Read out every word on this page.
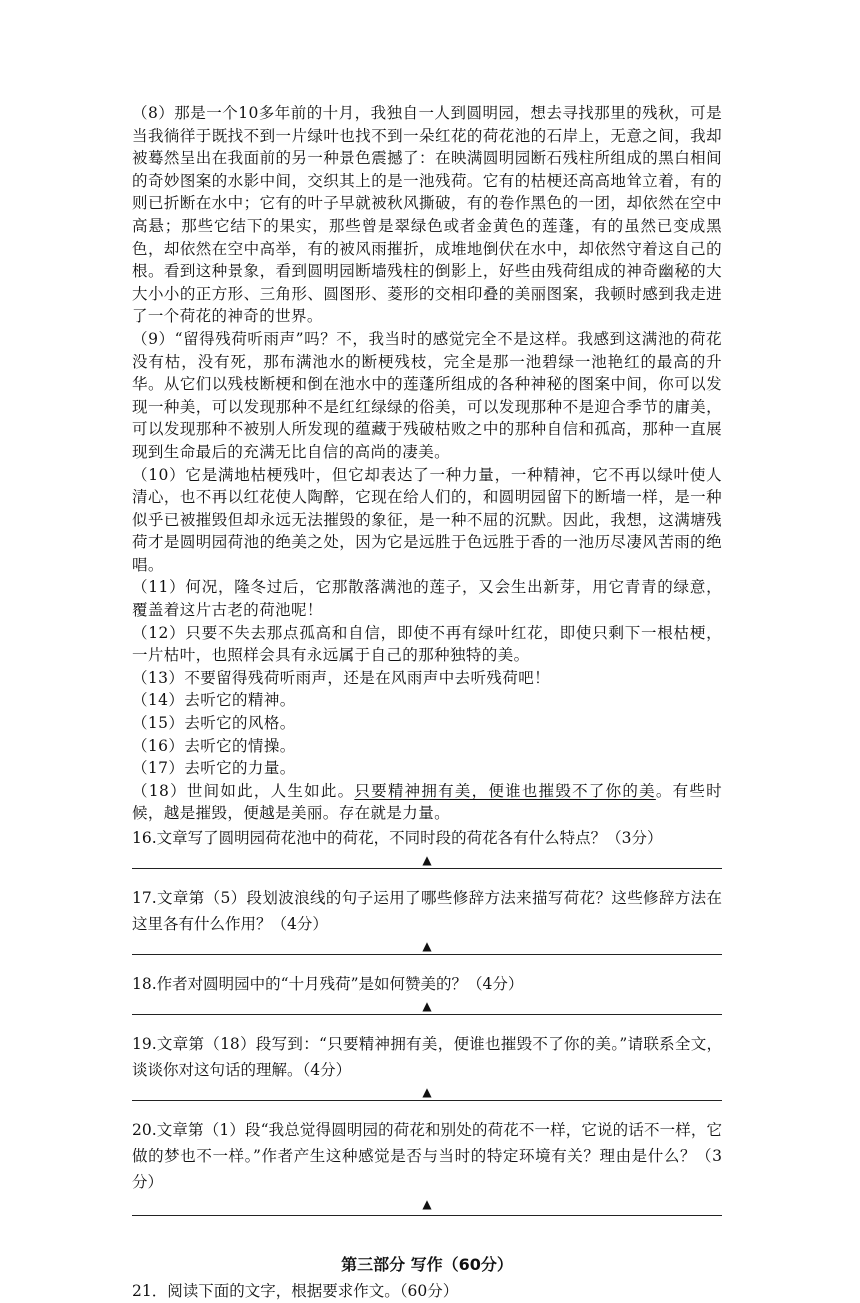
（8）那是一个10多年前的十月，我独自一人到圆明园，想去寻找那里的残秋，可是当我徜徉于既找不到一片绿叶也找不到一朵红花的荷花池的石岸上，无意之间，我却被蓦然呈出在我面前的另一种景色震撼了：在映满圆明园断石残柱所组成的黑白相间的奇妙图案的水影中间，交织其上的是一池残荷。它有的枯梗还高高地耸立着，有的则已折断在水中；它有的叶子早就被秋风撕破，有的卷作黑色的一团，却依然在空中高悬；那些它结下的果实，那些曾是翠绿色或者金黄色的莲蓬，有的虽然已变成黑色，却依然在空中高举，有的被风雨摧折，成堆地倒伏在水中，却依然守着这自己的根。看到这种景象，看到圆明园断墙残柱的倒影上，好些由残荷组成的神奇幽秘的大大小小的正方形、三角形、圆图形、菱形的交相印叠的美丽图案，我顿时感到我走进了一个荷花的神奇的世界。

（9）“留得残荷听雨声”吗？不，我当时的感觉完全不是这样。我感到这满池的荷花没有枯，没有死，那布满池水的断梗残枝，完全是那一池碧绿一池艳红的最高的升华。从它们以残枝断梗和倒在池水中的莲蓬所组成的各种神秘的图案中间，你可以发现一种美，可以发现那种不是红红绿绿的俗美，可以发现那种不是迎合季节的庸美，可以发现那种不被别人所发现的蕴藏于残破枯败之中的那种自信和孤高，那种一直展现到生命最后的充满无比自信的高尚的凄美。

（10）它是满地枯梗残叶，但它却表达了一种力量，一种精神，它不再以绿叶使人清心，也不再以红花使人陶醉，它现在给人们的，和圆明园留下的断墙一样，是一种似乎已被摧毁但却永远无法摧毁的象征，是一种不屈的沉默。因此，我想，这满塘残荷才是圆明园荷池的绝美之处，因为它是远胜于色远胜于香的一池历尽凄风苦雨的绝唱。

（11）何况，隆冬过后，它那散落满池的莲子，又会生出新芽，用它青青的绿意，覆盖着这片古老的荷池呢！

（12）只要不失去那点孤高和自信，即使不再有绿叶红花，即使只剩下一根枯梗，一片枯叶，也照样会具有永远属于自己的那种独特的美。

（13）不要留得残荷听雨声，还是在风雨声中去听残荷吧！

（14）去听它的精神。

（15）去听它的风格。

（16）去听它的情操。

（17）去听它的力量。

（18）世间如此，人生如此。只要精神拥有美，便谁也摧毁不了你的美。有些时候，越是摧毁，便越是美丽。存在就是力量。

16.文章写了圆明园荷花池中的荷花，不同时段的荷花各有什么特点？（3分）

▲

17.文章第（5）段划波浪线的句子运用了哪些修辞方法来描写荷花？这些修辞方法在这里各有什么作用？（4分）

▲

18.作者对圆明园中的“十月残荷”是如何赞美的？（4分）

▲

19.文章第（18）段写到：“只要精神拥有美，便谁也摧毁不了你的美。”请联系全文，谈谈你对这句话的理解。（4分）

▲

20.文章第（1）段“我总觉得圆明园的荷花和别处的荷花不一样，它说的话不一样，它做的梦也不一样。”作者产生这种感觉是否与当时的特定环境有关？理由是什么？（3分）

▲
第三部分 写作（60分）

21．阅读下面的文字，根据要求作文。（60分）
